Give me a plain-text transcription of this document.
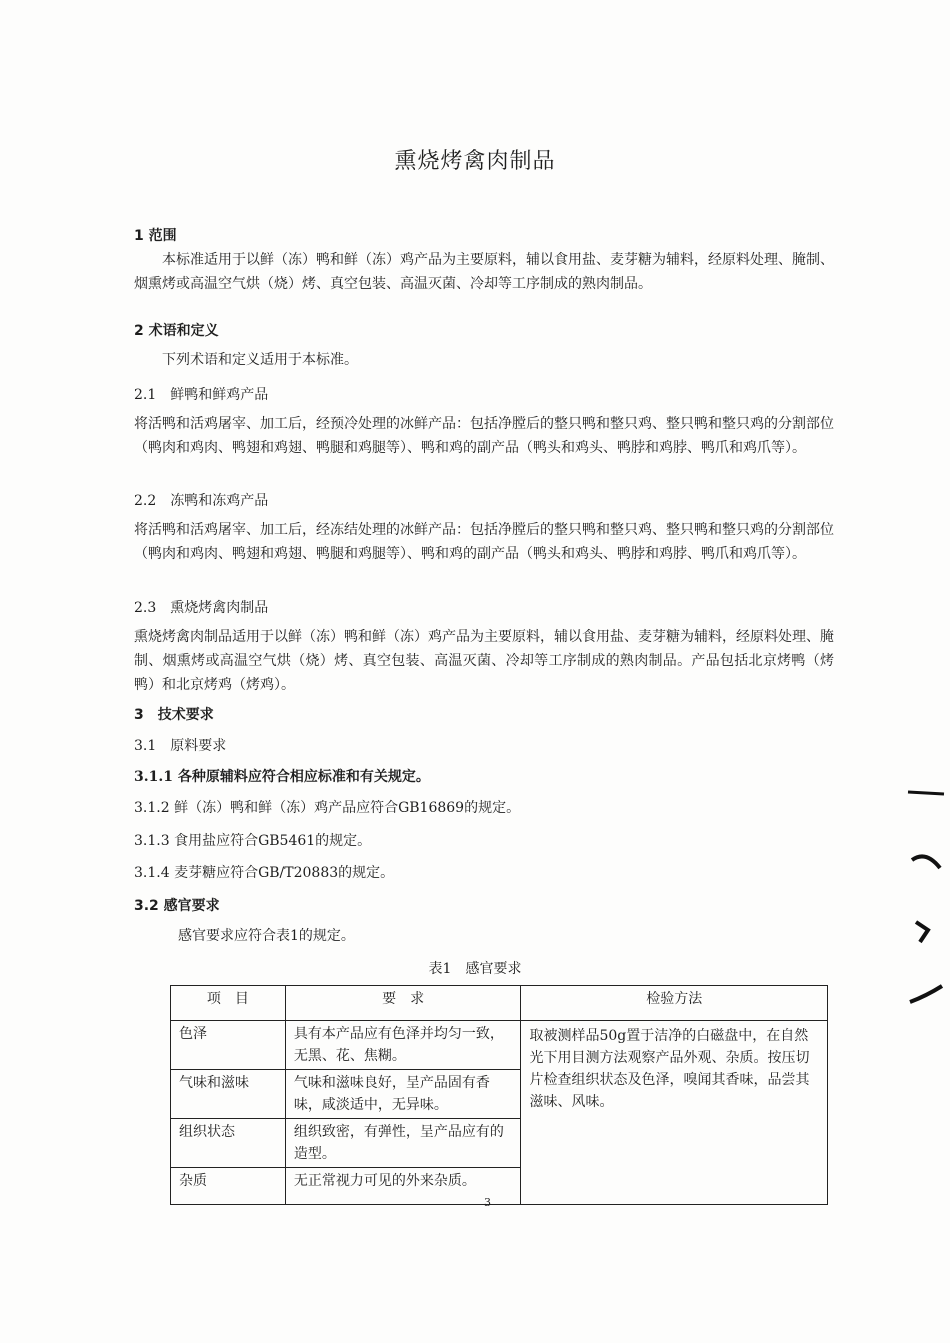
熏烧烤禽肉制品
1 范围
本标准适用于以鲜（冻）鸭和鲜（冻）鸡产品为主要原料，辅以食用盐、麦芽糖为辅料，经原料处理、腌制、烟熏烤或高温空气烘（烧）烤、真空包装、高温灭菌、冷却等工序制成的熟肉制品。
2 术语和定义
下列术语和定义适用于本标准。
2.1　鲜鸭和鲜鸡产品
将活鸭和活鸡屠宰、加工后，经预冷处理的冰鲜产品：包括净膛后的整只鸭和整只鸡、整只鸭和整只鸡的分割部位（鸭肉和鸡肉、鸭翅和鸡翅、鸭腿和鸡腿等）、鸭和鸡的副产品（鸭头和鸡头、鸭脖和鸡脖、鸭爪和鸡爪等）。
2.2　冻鸭和冻鸡产品
将活鸭和活鸡屠宰、加工后，经冻结处理的冰鲜产品：包括净膛后的整只鸭和整只鸡、整只鸭和整只鸡的分割部位（鸭肉和鸡肉、鸭翅和鸡翅、鸭腿和鸡腿等）、鸭和鸡的副产品（鸭头和鸡头、鸭脖和鸡脖、鸭爪和鸡爪等）。
2.3　熏烧烤禽肉制品
熏烧烤禽肉制品适用于以鲜（冻）鸭和鲜（冻）鸡产品为主要原料，辅以食用盐、麦芽糖为辅料，经原料处理、腌制、烟熏烤或高温空气烘（烧）烤、真空包装、高温灭菌、冷却等工序制成的熟肉制品。产品包括北京烤鸭（烤鸭）和北京烤鸡（烤鸡）。
3　技术要求
3.1　原料要求
3.1.1 各种原辅料应符合相应标准和有关规定。
3.1.2 鲜（冻）鸭和鲜（冻）鸡产品应符合GB16869的规定。
3.1.3 食用盐应符合GB5461的规定。
3.1.4 麦芽糖应符合GB/T20883的规定。
3.2 感官要求
感官要求应符合表1的规定。
表1　感官要求
项　目	要　求	检验方法
色泽	具有本产品应有色泽并均匀一致，无黑、花、焦糊。	取被测样品50g置于洁净的白磁盘中，在自然光下用目测方法观察产品外观、杂质。按压切片检查组织状态及色泽，嗅闻其香味，品尝其滋味、风味。
气味和滋味	气味和滋味良好，呈产品固有香味，咸淡适中，无异味。	
组织状态	组织致密，有弹性，呈产品应有的造型。	
杂质	无正常视力可见的外来杂质。	
3
